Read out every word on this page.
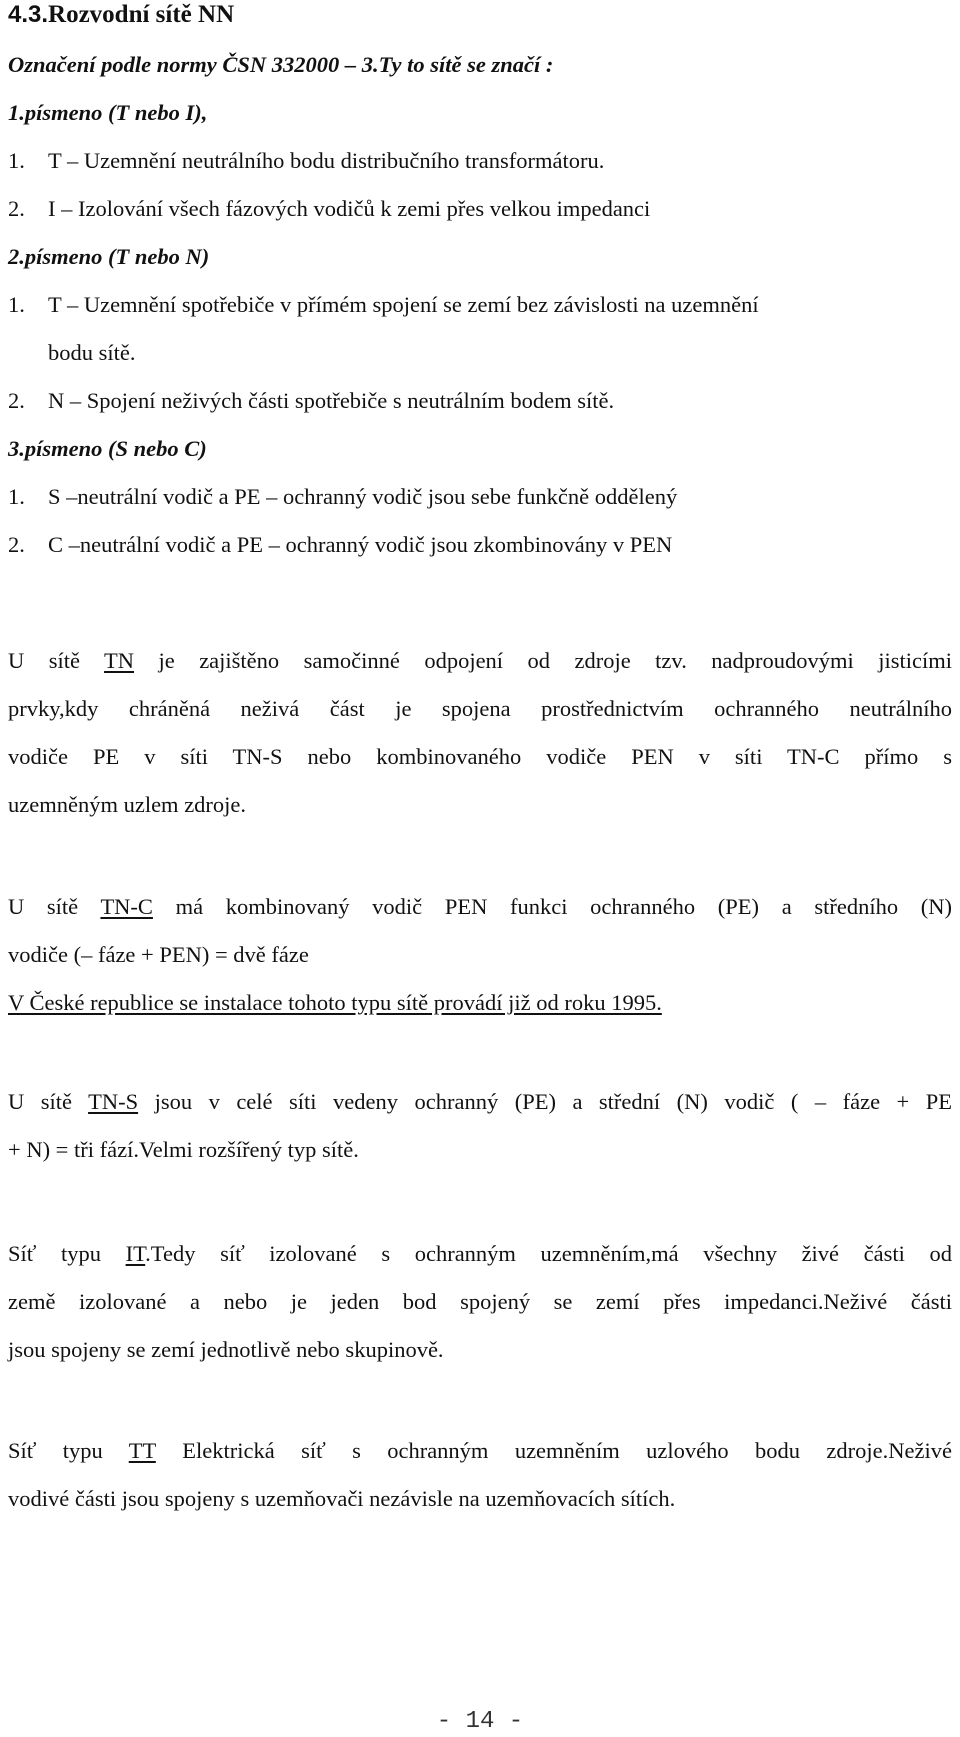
4.3.Rozvodní sítě NN
Označení podle normy ČSN 332000 – 3.Ty to sítě se značí :
1.písmeno (T nebo I),
1. T – Uzemnění neutrálního bodu distribučního transformátoru.
2. I – Izolování všech fázových vodičů k zemi přes velkou impedanci
2.písmeno (T nebo N)
1. T – Uzemnění spotřebiče v přímém spojení se zemí bez závislosti na uzemnění
bodu sítě.
2. N – Spojení neživých části spotřebiče s neutrálním bodem sítě.
3.písmeno (S nebo C)
1. S –neutrální vodič a PE – ochranný vodič jsou sebe funkčně oddělený
2. C –neutrální vodič a PE – ochranný vodič jsou zkombinovány v PEN
U sítě TN je zajištěno samočinné odpojení od zdroje tzv. nadproudovými jisticími
prvky,kdy chráněná neživá část je spojena prostřednictvím ochranného neutrálního
vodiče PE v síti TN-S nebo kombinovaného vodiče PEN v síti TN-C přímo s
uzemněným uzlem zdroje.
U sítě TN-C má kombinovaný vodič PEN funkci ochranného (PE) a středního (N)
vodiče (– fáze + PEN) = dvě fáze
V České republice se instalace tohoto typu sítě provádí již od roku 1995.
U sítě TN-S jsou v celé síti vedeny ochranný (PE) a střední (N) vodič ( – fáze + PE
+ N) = tři fází.Velmi rozšířený typ sítě.
Síť typu IT.Tedy síť izolované s ochranným uzemněním,má všechny živé části od
země izolované a nebo je jeden bod spojený se zemí přes impedanci.Neživé části
jsou spojeny se zemí jednotlivě nebo skupinově.
Síť typu TT Elektrická síť s ochranným uzemněním uzlového bodu zdroje.Neživé
vodivé části jsou spojeny s uzemňovači nezávisle na uzemňovacích sítích.
- 14 -
